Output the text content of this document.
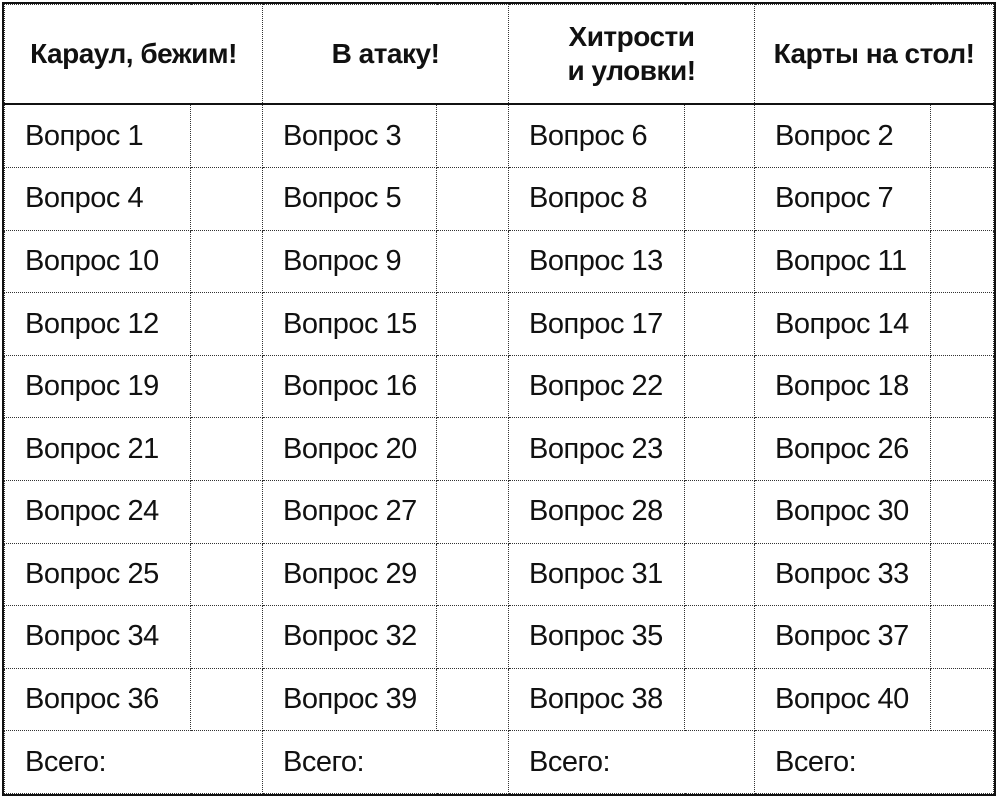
Караул, бежим!		В атаку!		Хитрости
и уловки!		Карты на стол!	

Вопрос 1		Вопрос 3		Вопрос 6		Вопрос 2	
Вопрос 4		Вопрос 5		Вопрос 8		Вопрос 7	
Вопрос 10		Вопрос 9		Вопрос 13		Вопрос 11	
Вопрос 12		Вопрос 15		Вопрос 17		Вопрос 14	
Вопрос 19		Вопрос 16		Вопрос 22		Вопрос 18	
Вопрос 21		Вопрос 20		Вопрос 23		Вопрос 26	
Вопрос 24		Вопрос 27		Вопрос 28		Вопрос 30	
Вопрос 25		Вопрос 29		Вопрос 31		Вопрос 33	
Вопрос 34		Вопрос 32		Вопрос 35		Вопрос 37	
Вопрос 36		Вопрос 39		Вопрос 38		Вопрос 40	
Всего:		Всего:		Всего:		Всего:	
